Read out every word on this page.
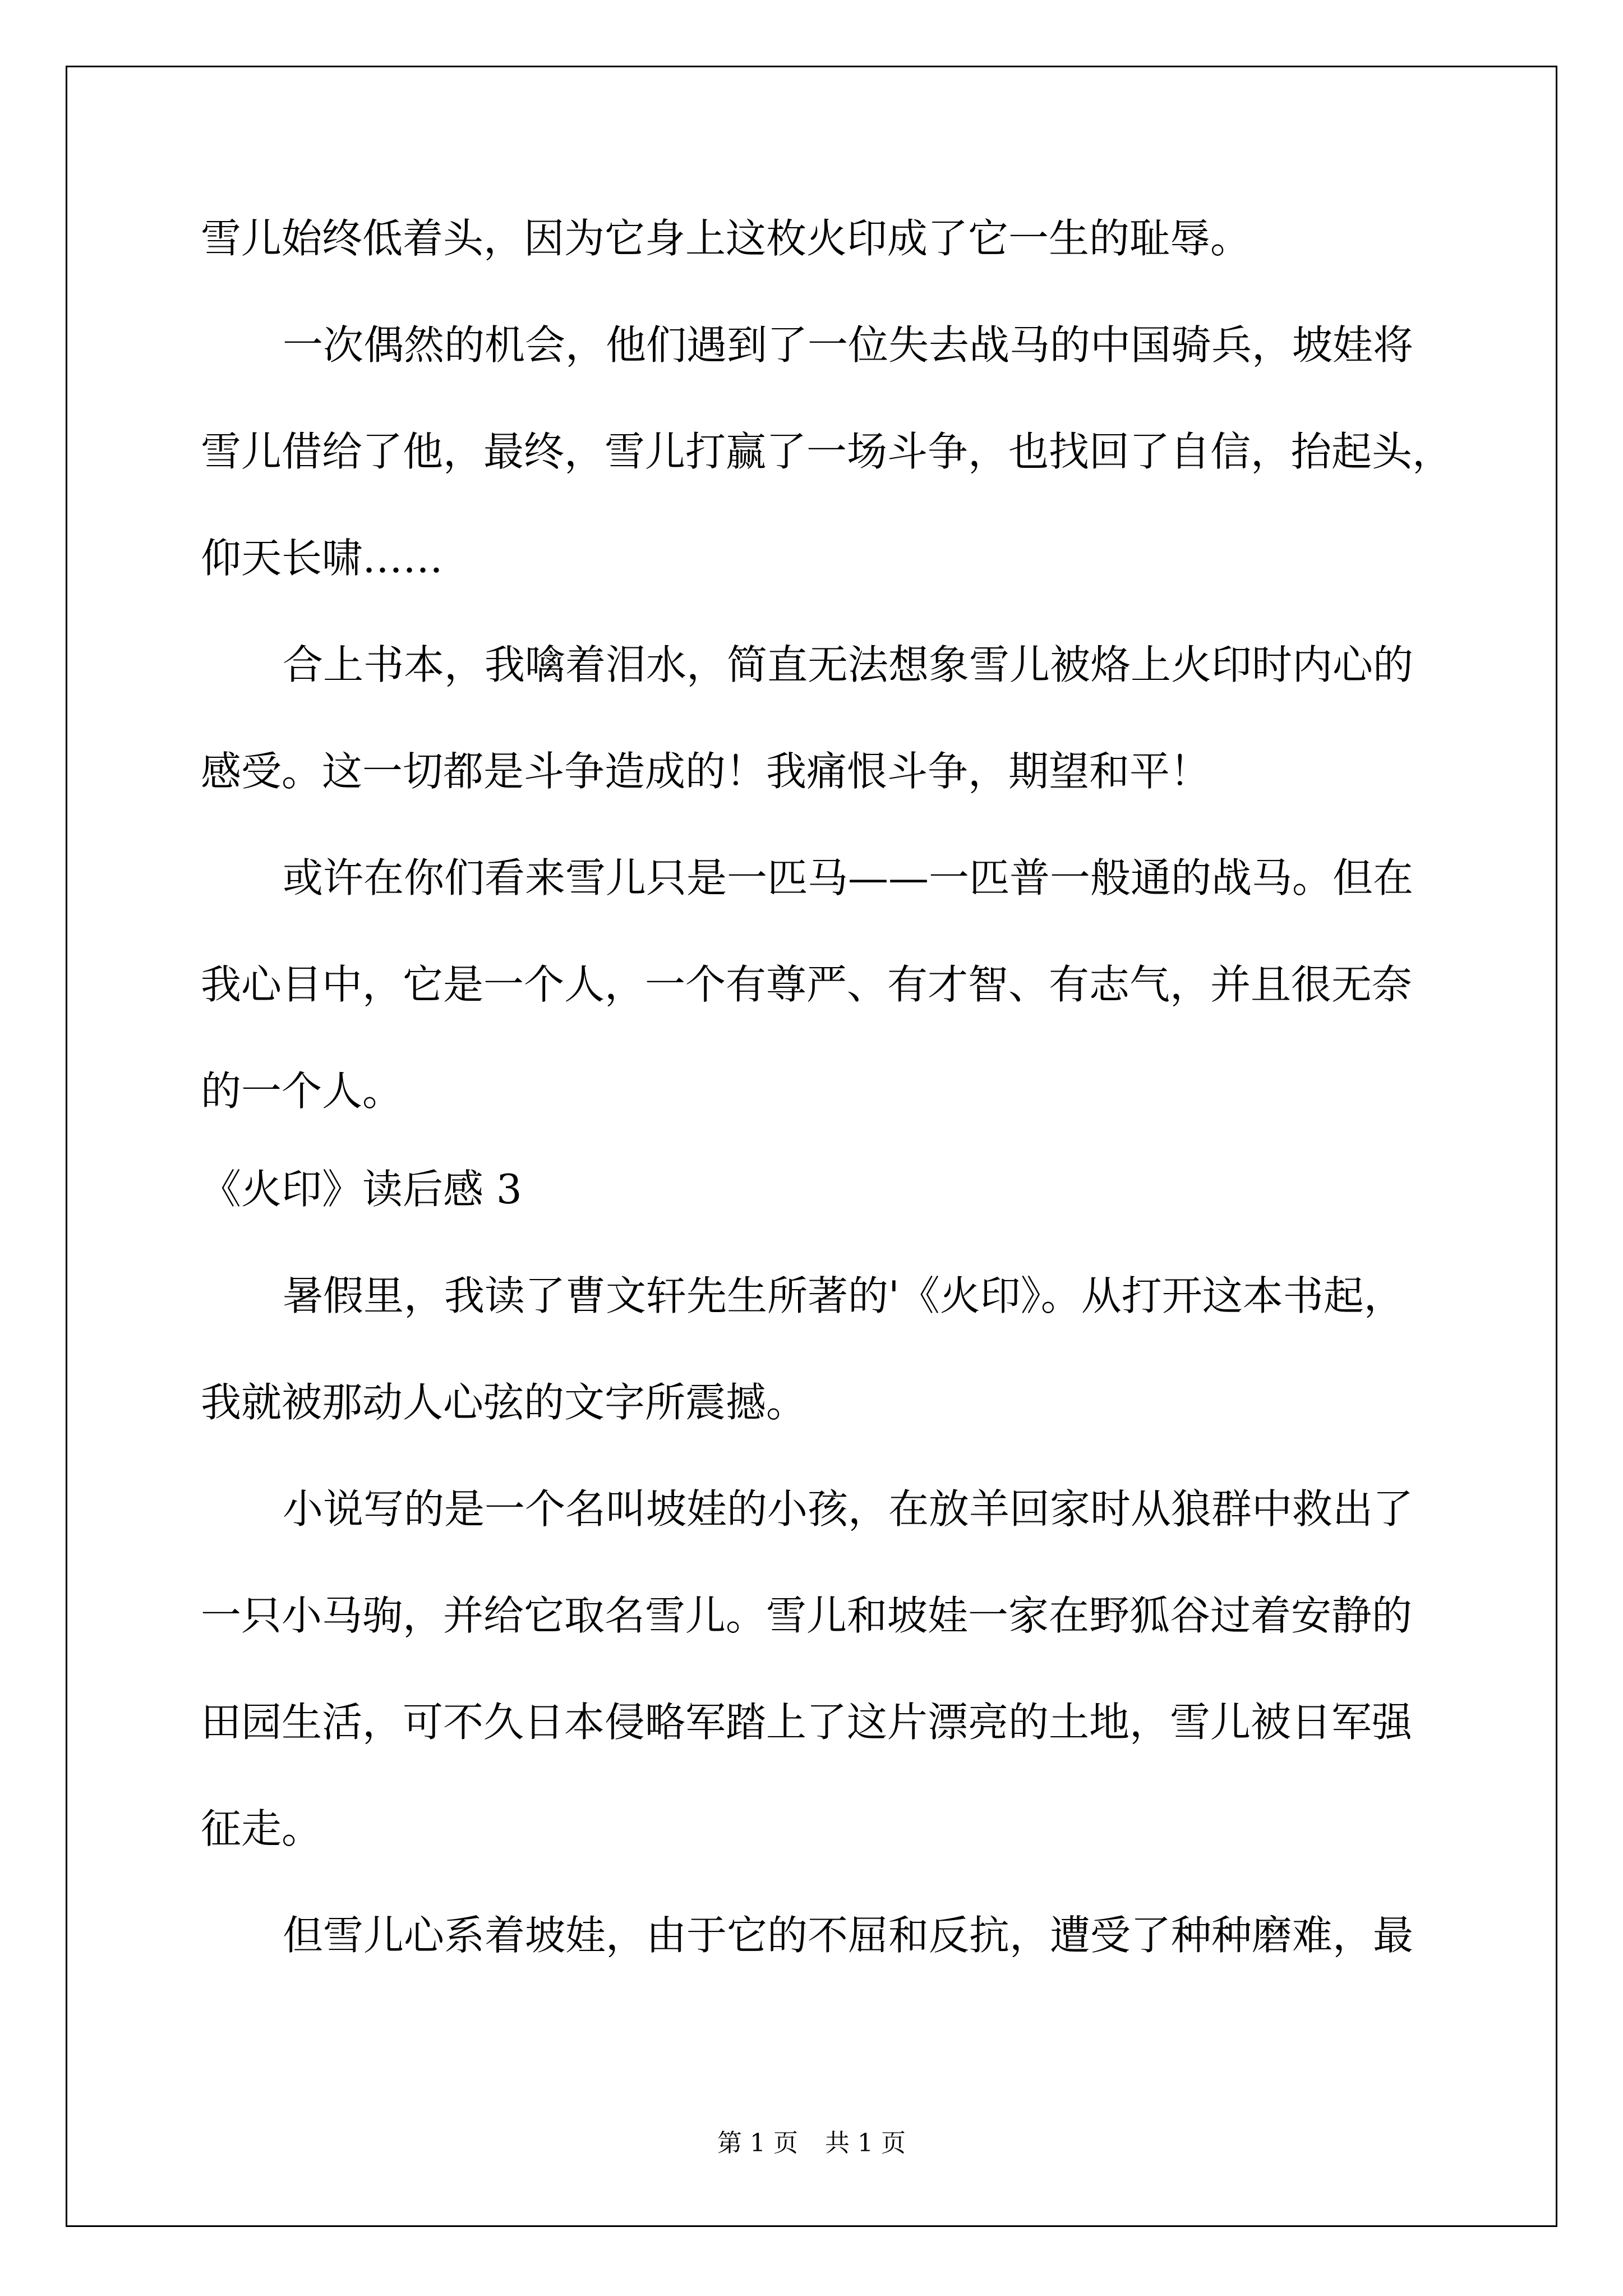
雪儿始终低着头，因为它身上这枚火印成了它一生的耻辱。
一次偶然的机会，他们遇到了一位失去战马的中国骑兵，坡娃将
雪儿借给了他，最终，雪儿打赢了一场斗争，也找回了自信，抬起头，
仰天长啸……
合上书本，我噙着泪水，简直无法想象雪儿被烙上火印时内心的
感受。这一切都是斗争造成的！我痛恨斗争，期望和平！
或许在你们看来雪儿只是一匹马——一匹普一般通的战马。但在
我心目中，它是一个人，一个有尊严、有才智、有志气，并且很无奈
的一个人。
《火印》读后感 3
暑假里，我读了曹文轩先生所著的'《火印》。从打开这本书起，
我就被那动人心弦的文字所震撼。
小说写的是一个名叫坡娃的小孩，在放羊回家时从狼群中救出了
一只小马驹，并给它取名雪儿。雪儿和坡娃一家在野狐谷过着安静的
田园生活，可不久日本侵略军踏上了这片漂亮的土地，雪儿被日军强
征走。
但雪儿心系着坡娃，由于它的不屈和反抗，遭受了种种磨难，最
第 1 页 共 1 页
